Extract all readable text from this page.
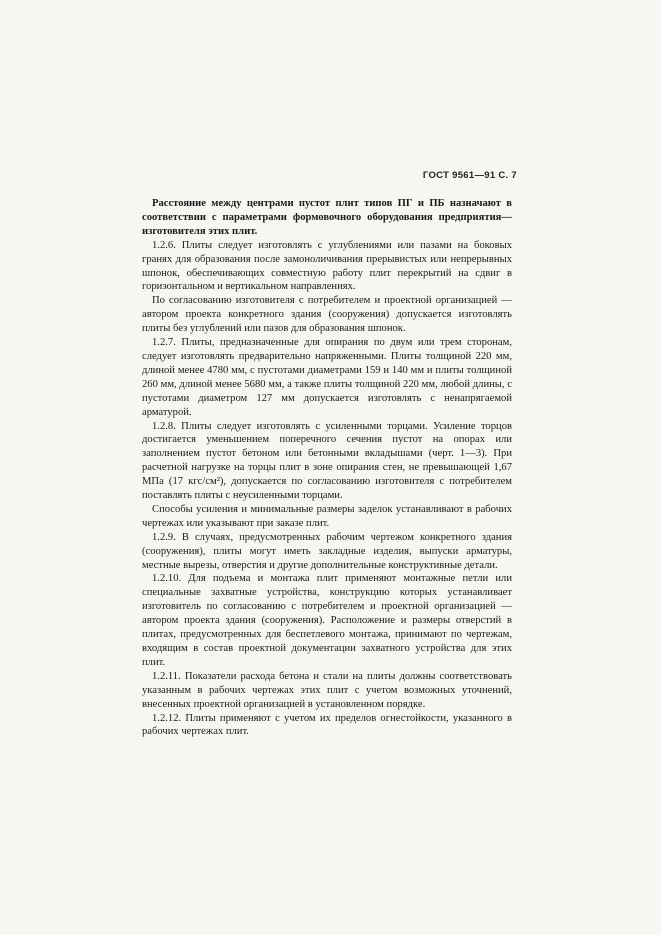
ГОСТ 9561—91 С. 7

Расстояние между центрами пустот плит типов ПГ и ПБ назначают в соответствии с параметрами формовочного оборудования предприятия—изготовителя этих плит.

1.2.6. Плиты следует изготовлять с углублениями или пазами на боковых гранях для образования после замоноличивания прерывистых или непрерывных шпонок, обеспечивающих совместную работу плит перекрытий на сдвиг в горизонтальном и вертикальном направлениях.

По согласованию изготовителя с потребителем и проектной организацией — автором проекта конкретного здания (сооружения) допускается изготовлять плиты без углублений или пазов для образования шпонок.

1.2.7. Плиты, предназначенные для опирания по двум или трем сторонам, следует изготовлять предварительно напряженными. Плиты толщиной 220 мм, длиной менее 4780 мм, с пустотами диаметрами 159 и 140 мм и плиты толщиной 260 мм, длиной менее 5680 мм, а также плиты толщиной 220 мм, любой длины, с пустотами диаметром 127 мм допускается изготовлять с ненапрягаемой арматурой.

1.2.8. Плиты следует изготовлять с усиленными торцами. Усиление торцов достигается уменьшением поперечного сечения пустот на опорах или заполнением пустот бетоном или бетонными вкладышами (черт. 1—3). При расчетной нагрузке на торцы плит в зоне опирания стен, не превышающей 1,67 МПа (17 кгс/см²), допускается по согласованию изготовителя с потребителем поставлять плиты с неусиленными торцами.

Способы усиления и минимальные размеры заделок устанавливают в рабочих чертежах или указывают при заказе плит.

1.2.9. В случаях, предусмотренных рабочим чертежом конкретного здания (сооружения), плиты могут иметь закладные изделия, выпуски арматуры, местные вырезы, отверстия и другие дополнительные конструктивные детали.

1.2.10. Для подъема и монтажа плит применяют монтажные петли или специальные захватные устройства, конструкцию которых устанавливает изготовитель по согласованию с потребителем и проектной организацией — автором проекта здания (сооружения). Расположение и размеры отверстий в плитах, предусмотренных для беспетлевого монтажа, принимают по чертежам, входящим в состав проектной документации захватного устройства для этих плит.

1.2.11. Показатели расхода бетона и стали на плиты должны соответствовать указанным в рабочих чертежах этих плит с учетом возможных уточнений, внесенных проектной организацией в установленном порядке.

1.2.12. Плиты применяют с учетом их пределов огнестойкости, указанного в рабочих чертежах плит.
